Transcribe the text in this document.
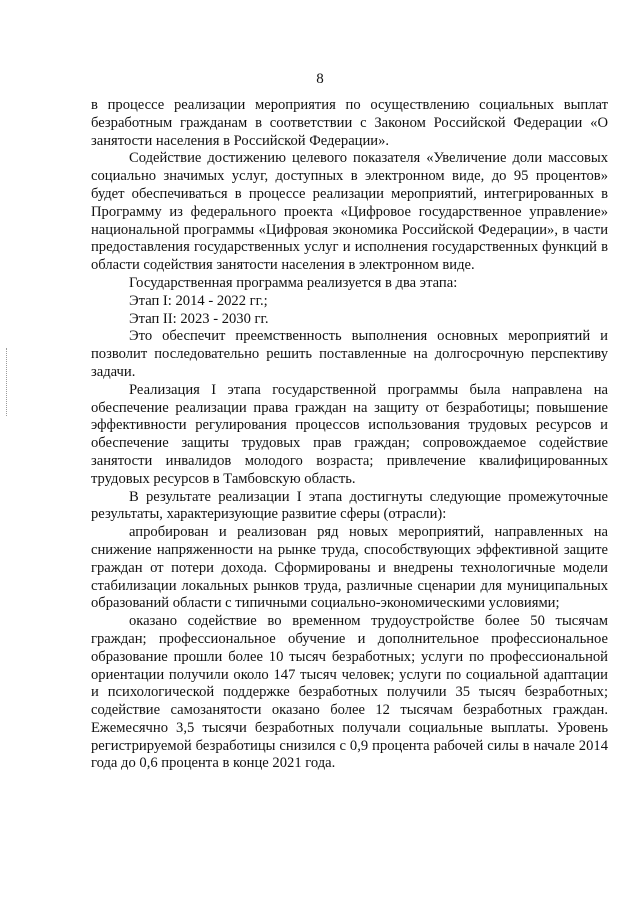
8

в процессе реализации мероприятия по осуществлению социальных выплат безработным гражданам в соответствии с Законом Российской Федерации «О занятости населения в Российской Федерации».

Содействие достижению целевого показателя «Увеличение доли массовых социально значимых услуг, доступных в электронном виде, до 95 процентов» будет обеспечиваться в процессе реализации мероприятий, интегрированных в Программу из федерального проекта «Цифровое государственное управление» национальной программы «Цифровая экономика Российской Федерации», в части предоставления государственных услуг и исполнения государственных функций в области содействия занятости населения в электронном виде.

Государственная программа реализуется в два этапа:

Этап I: 2014 - 2022 гг.;

Этап II: 2023 - 2030 гг.

Это обеспечит преемственность выполнения основных мероприятий и позволит последовательно решить поставленные на долгосрочную перспективу задачи.

Реализация I этапа государственной программы была направлена на обеспечение реализации права граждан на защиту от безработицы; повышение эффективности регулирования процессов использования трудовых ресурсов и обеспечение защиты трудовых прав граждан; сопровождаемое содействие занятости инвалидов молодого возраста; привлечение квалифицированных трудовых ресурсов в Тамбовскую область.

В результате реализации I этапа достигнуты следующие промежуточные результаты, характеризующие развитие сферы (отрасли):

апробирован и реализован ряд новых мероприятий, направленных на снижение напряженности на рынке труда, способствующих эффективной защите граждан от потери дохода. Сформированы и внедрены технологичные модели стабилизации локальных рынков труда, различные сценарии для муниципальных образований области с типичными социально-экономическими условиями;

оказано содействие во временном трудоустройстве более 50 тысячам граждан; профессиональное обучение и дополнительное профессиональное образование прошли более 10 тысяч безработных; услуги по профессиональной ориентации получили около 147 тысяч человек; услуги по социальной адаптации и психологической поддержке безработных получили 35 тысяч безработных; содействие самозанятости оказано более 12 тысячам безработных граждан. Ежемесячно 3,5 тысячи безработных получали социальные выплаты. Уровень регистрируемой безработицы снизился с 0,9 процента рабочей силы в начале 2014 года до 0,6 процента в конце 2021 года.
